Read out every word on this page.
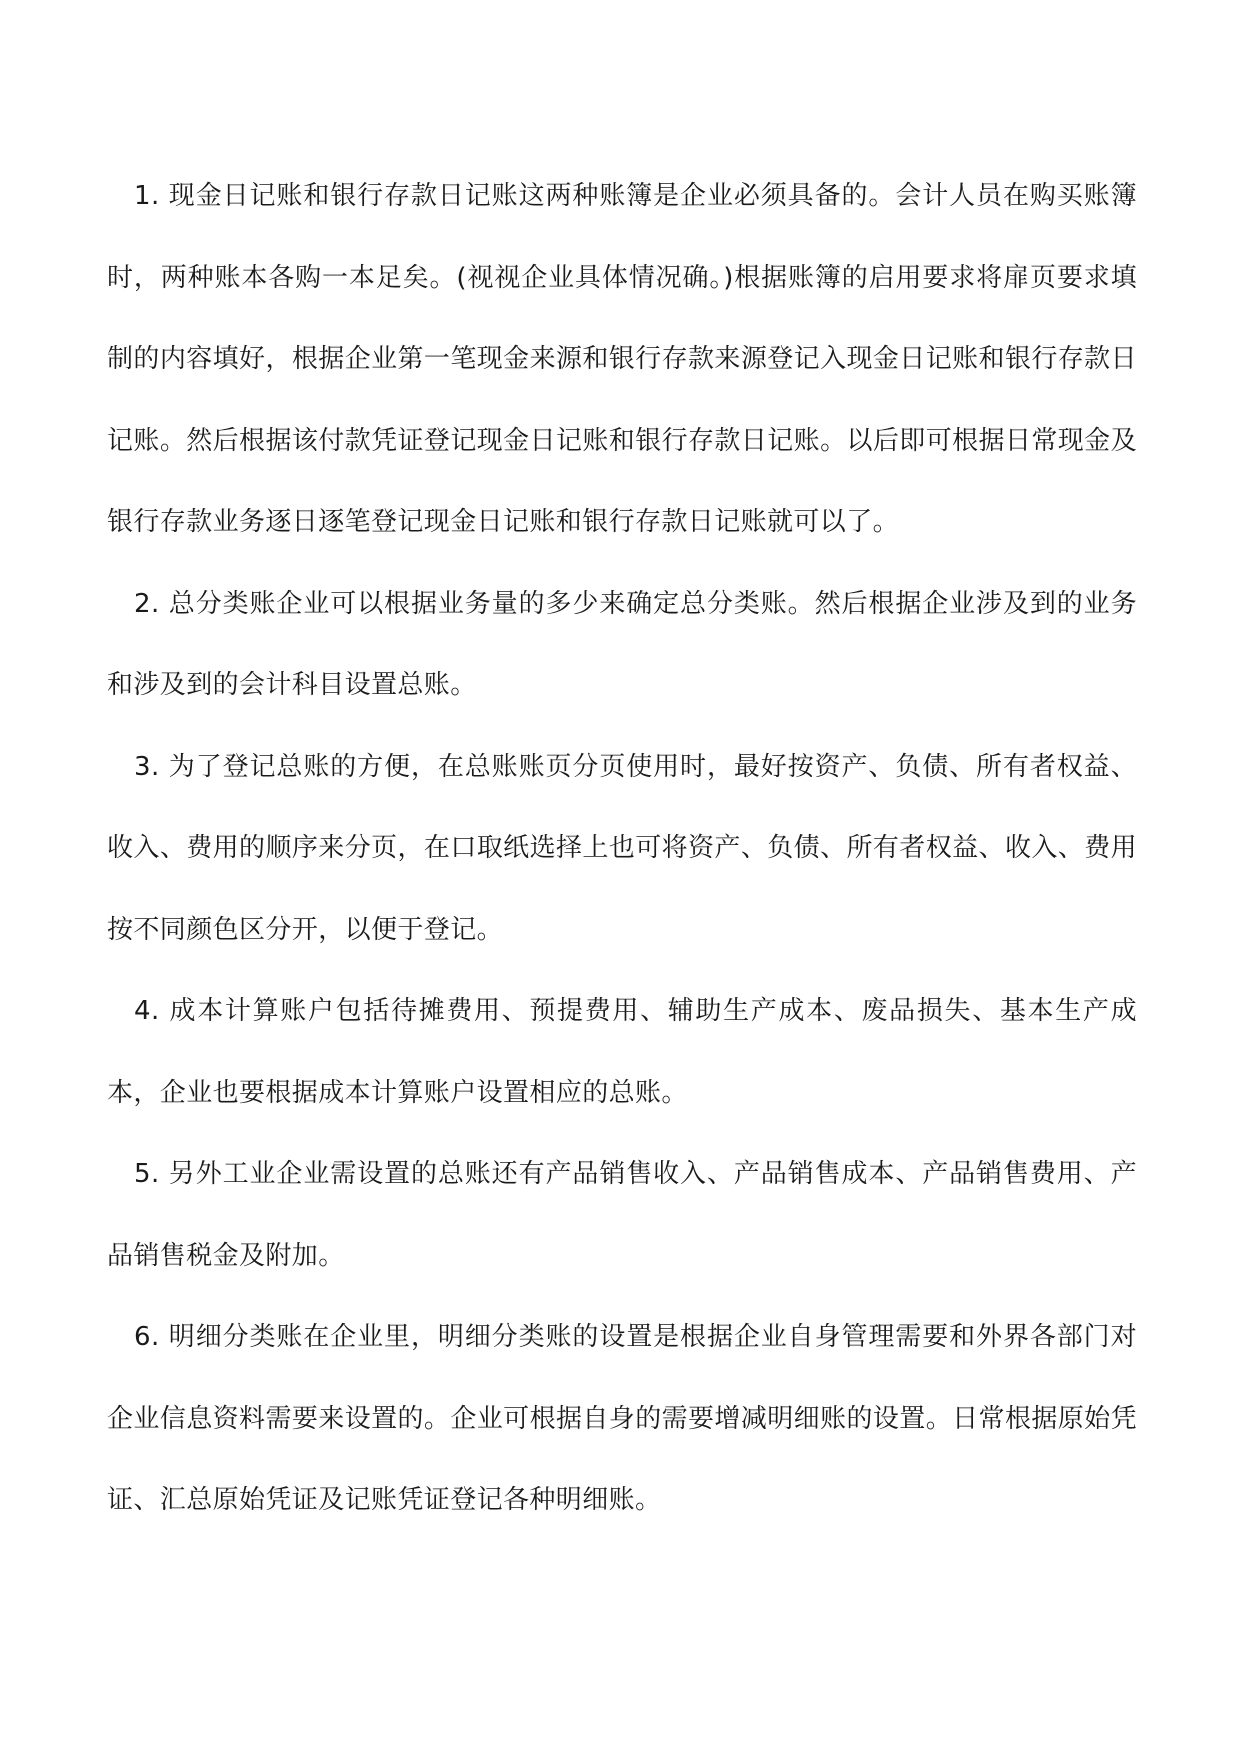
1. 现金日记账和银行存款日记账这两种账簿是企业必须具备的。会计人员在购买账簿时，两种账本各购一本足矣。(视视企业具体情况确。)根据账簿的启用要求将扉页要求填制的内容填好，根据企业第一笔现金来源和银行存款来源登记入现金日记账和银行存款日记账。然后根据该付款凭证登记现金日记账和银行存款日记账。以后即可根据日常现金及银行存款业务逐日逐笔登记现金日记账和银行存款日记账就可以了。

2. 总分类账企业可以根据业务量的多少来确定总分类账。然后根据企业涉及到的业务和涉及到的会计科目设置总账。

3. 为了登记总账的方便，在总账账页分页使用时，最好按资产、负债、所有者权益、收入、费用的顺序来分页，在口取纸选择上也可将资产、负债、所有者权益、收入、费用按不同颜色区分开，以便于登记。

4. 成本计算账户包括待摊费用、预提费用、辅助生产成本、废品损失、基本生产成本，企业也要根据成本计算账户设置相应的总账。

5. 另外工业企业需设置的总账还有产品销售收入、产品销售成本、产品销售费用、产品销售税金及附加。

6. 明细分类账在企业里，明细分类账的设置是根据企业自身管理需要和外界各部门对企业信息资料需要来设置的。企业可根据自身的需要增减明细账的设置。日常根据原始凭证、汇总原始凭证及记账凭证登记各种明细账。
